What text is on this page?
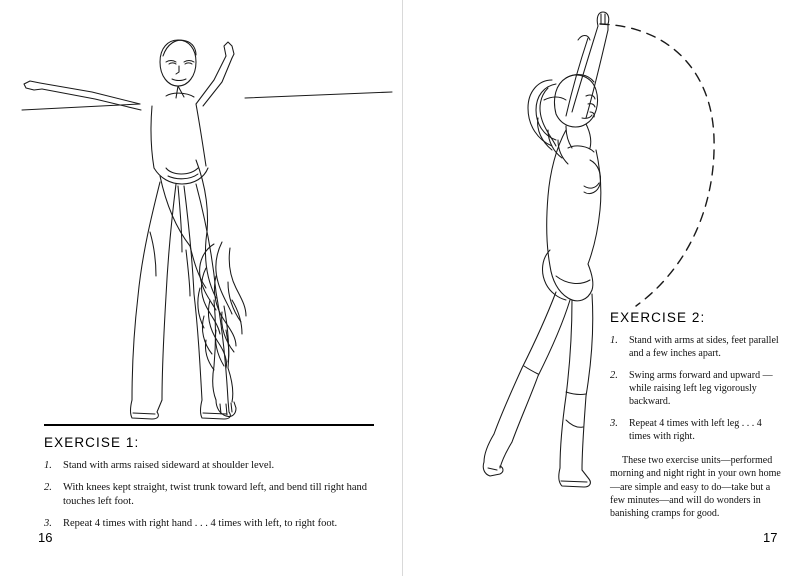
EXERCISE 1:
1. Stand with arms raised sideward at shoulder level.
2. With knees kept straight, twist trunk toward left, and bend till right hand touches left foot.
3. Repeat 4 times with right hand . . . 4 times with left, to right foot.
16
EXERCISE 2:
1. Stand with arms at sides, feet parallel and a few inches apart.
2. Swing arms forward and upward —while raising left leg vigorously backward.
3. Repeat 4 times with left leg . . . 4 times with right.

These two exercise units—performed morning and night right in your own home—are simple and easy to do—take but a few minutes—and will do wonders in banishing cramps for good.

17
